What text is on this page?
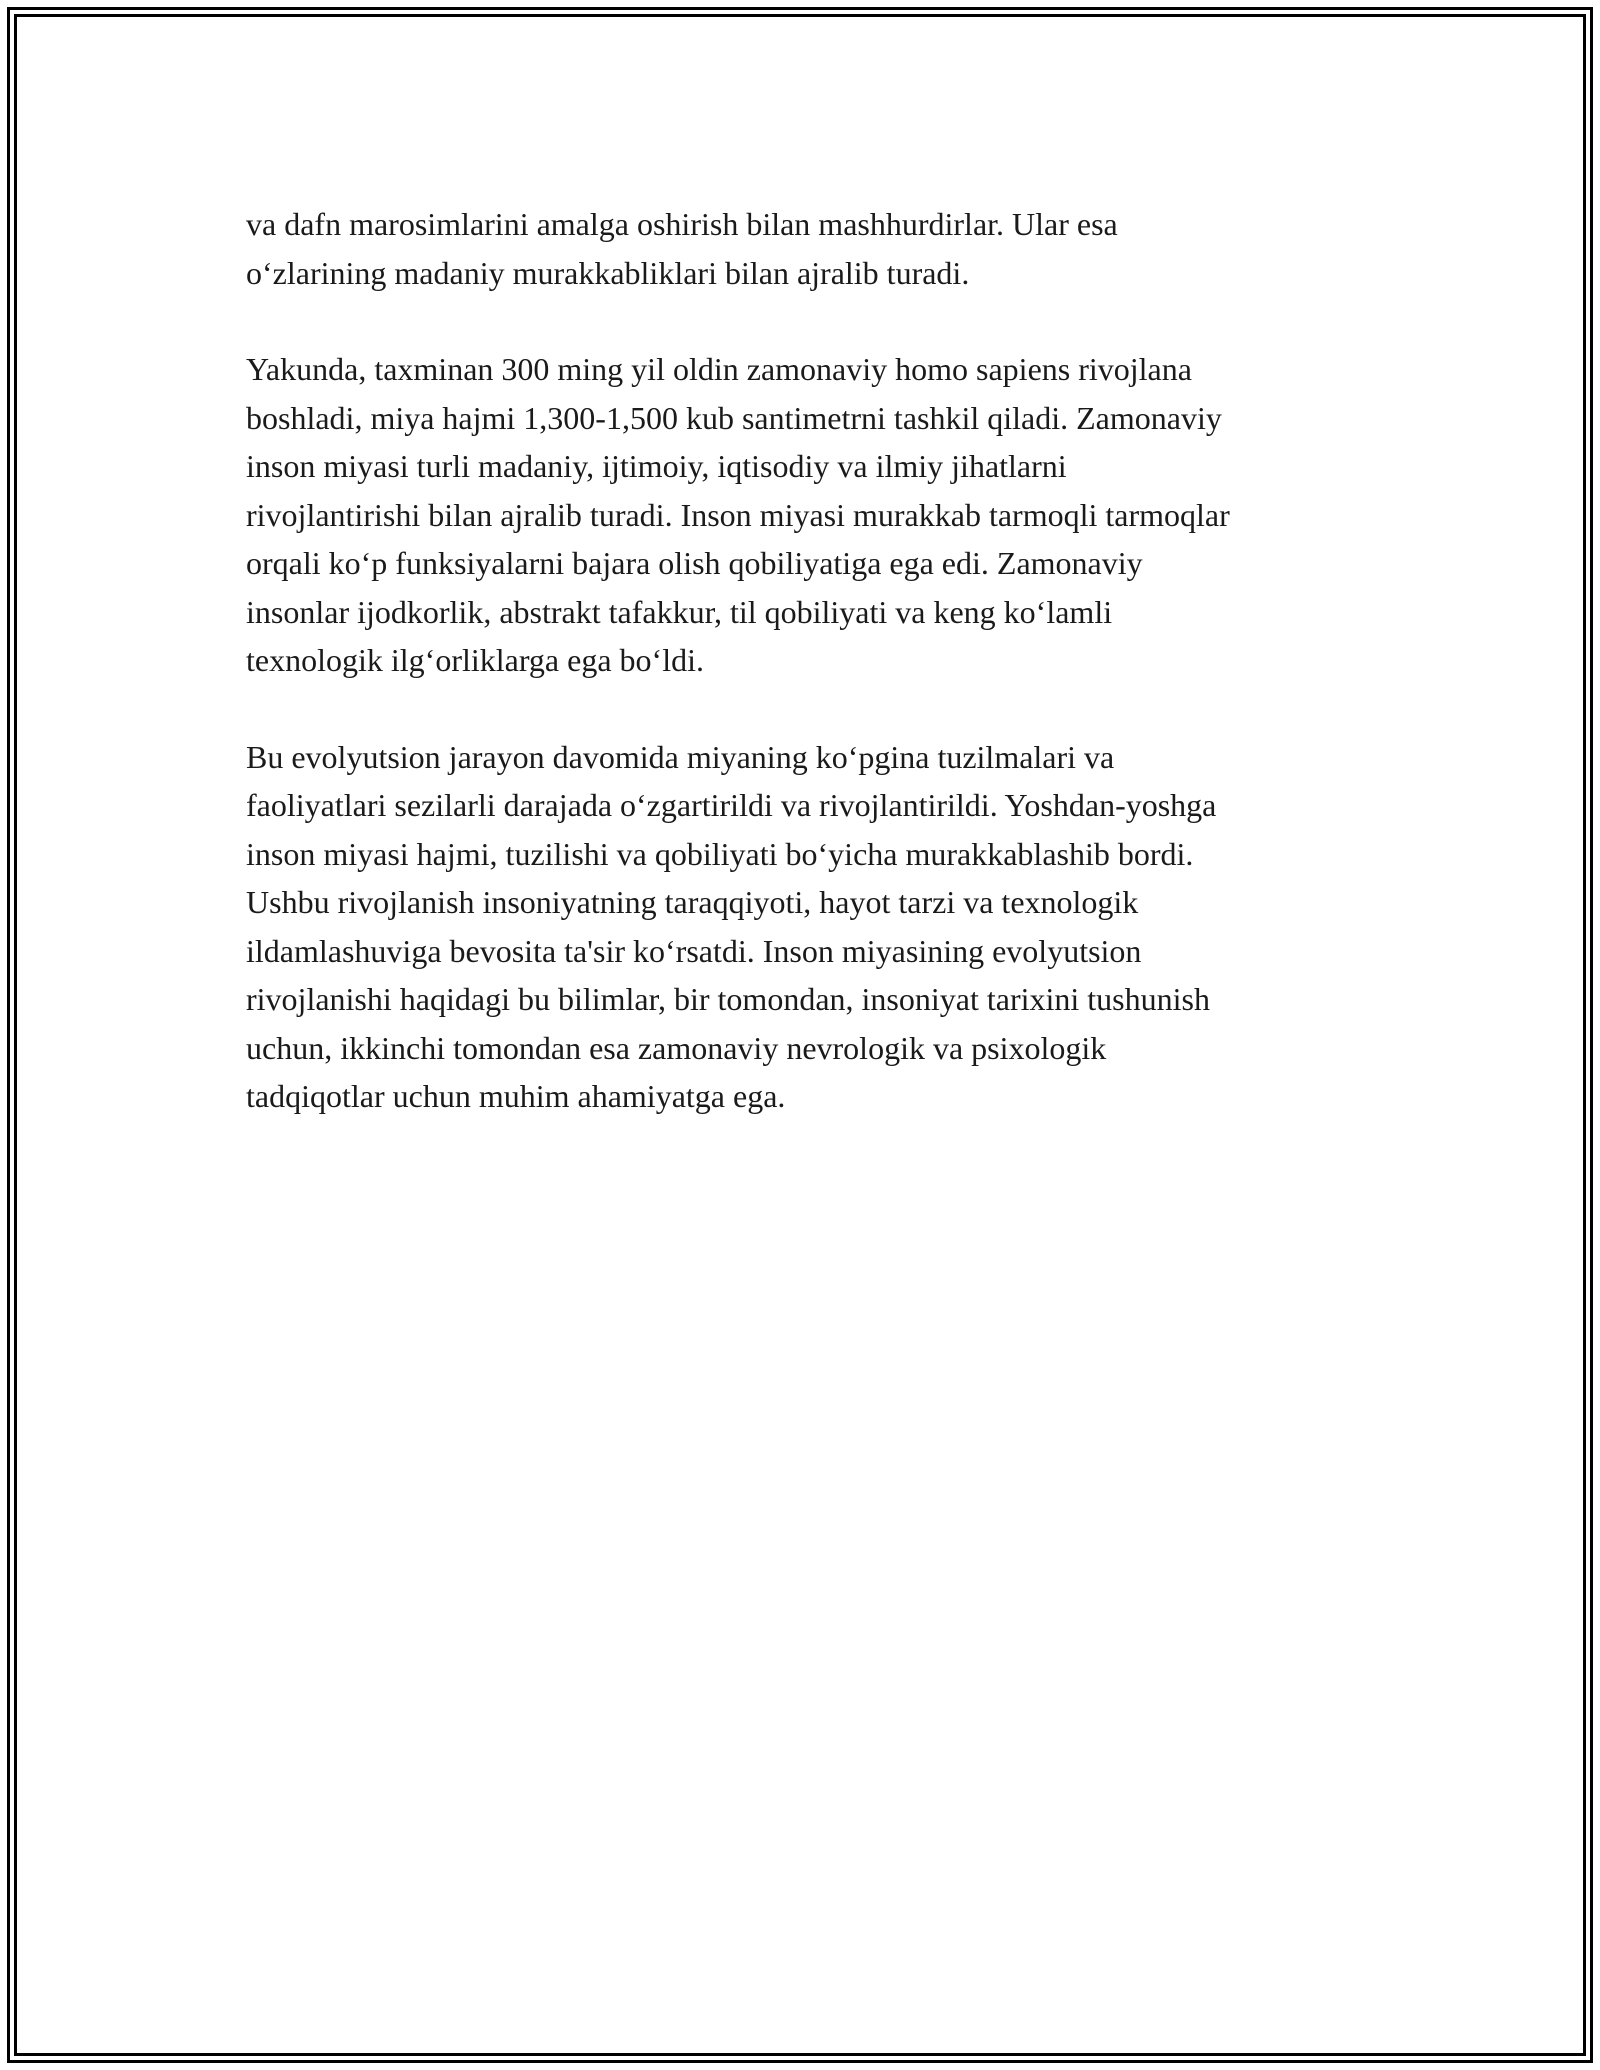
va dafn marosimlarini amalga oshirish bilan mashhurdirlar. Ular esa
o‘zlarining madaniy murakkabliklari bilan ajralib turadi.

Yakunda, taxminan 300 ming yil oldin zamonaviy homo sapiens rivojlana
boshladi, miya hajmi 1,300-1,500 kub santimetrni tashkil qiladi. Zamonaviy
inson miyasi turli madaniy, ijtimoiy, iqtisodiy va ilmiy jihatlarni
rivojlantirishi bilan ajralib turadi. Inson miyasi murakkab tarmoqli tarmoqlar
orqali ko‘p funksiyalarni bajara olish qobiliyatiga ega edi. Zamonaviy
insonlar ijodkorlik, abstrakt tafakkur, til qobiliyati va keng ko‘lamli
texnologik ilg‘orliklarga ega bo‘ldi.

Bu evolyutsion jarayon davomida miyaning ko‘pgina tuzilmalari va
faoliyatlari sezilarli darajada o‘zgartirildi va rivojlantirildi. Yoshdan-yoshga
inson miyasi hajmi, tuzilishi va qobiliyati bo‘yicha murakkablashib bordi.
Ushbu rivojlanish insoniyatning taraqqiyoti, hayot tarzi va texnologik
ildamlashuviga bevosita ta'sir ko‘rsatdi. Inson miyasining evolyutsion
rivojlanishi haqidagi bu bilimlar, bir tomondan, insoniyat tarixini tushunish
uchun, ikkinchi tomondan esa zamonaviy nevrologik va psixologik
tadqiqotlar uchun muhim ahamiyatga ega.
